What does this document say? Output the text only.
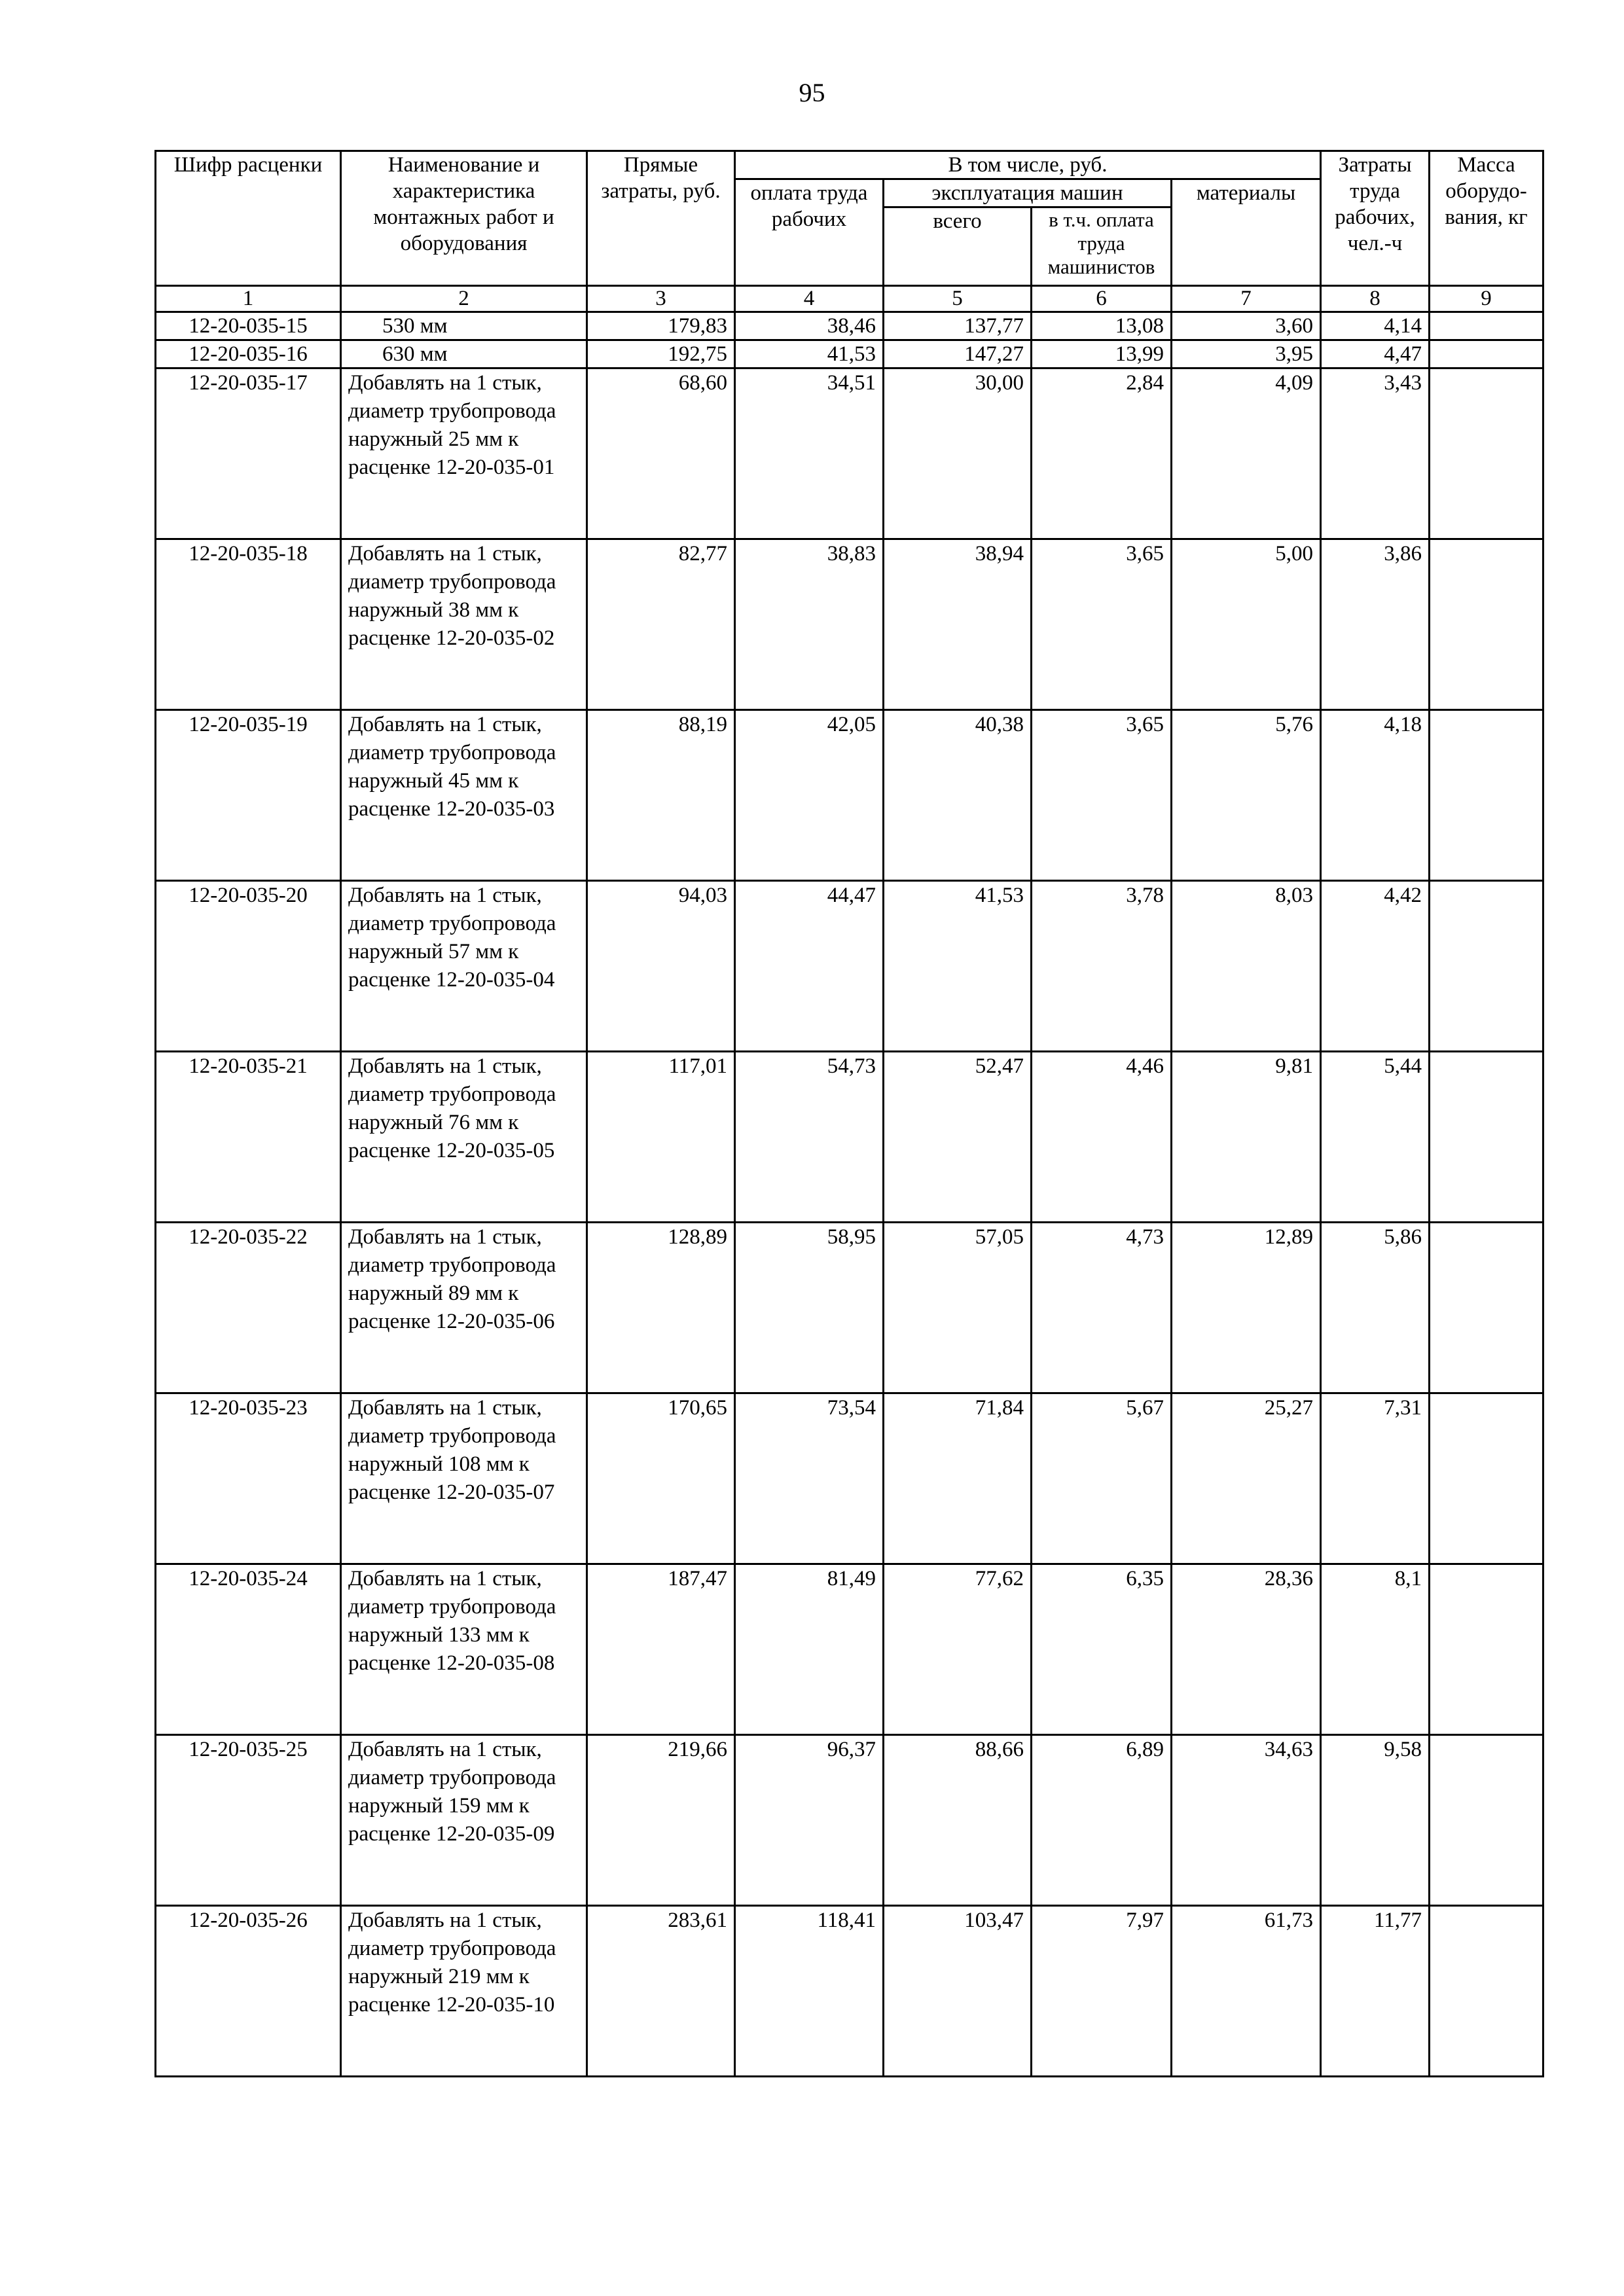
95
Шифр расценки	Наименование и характеристика монтажных работ и оборудования	Прямые затраты, руб.	В том числе, руб.				Затраты труда рабочих, чел.-ч	Масса оборудо-вания, кг
			оплата труда рабочих	эксплуатация машин		материалы		
				всего	в т.ч. оплата труда машинистов			
1	2	3	4	5	6	7	8	9
12-20-035-15	530 мм	179,83	38,46	137,77	13,08	3,60	4,14	
12-20-035-16	630 мм	192,75	41,53	147,27	13,99	3,95	4,47	
12-20-035-17	Добавлять на 1 стык, диаметр трубопровода наружный 25 мм к расценке 12-20-035-01	68,60	34,51	30,00	2,84	4,09	3,43	
12-20-035-18	Добавлять на 1 стык, диаметр трубопровода наружный 38 мм к расценке 12-20-035-02	82,77	38,83	38,94	3,65	5,00	3,86	
12-20-035-19	Добавлять на 1 стык, диаметр трубопровода наружный 45 мм к расценке 12-20-035-03	88,19	42,05	40,38	3,65	5,76	4,18	
12-20-035-20	Добавлять на 1 стык, диаметр трубопровода наружный 57 мм к расценке 12-20-035-04	94,03	44,47	41,53	3,78	8,03	4,42	
12-20-035-21	Добавлять на 1 стык, диаметр трубопровода наружный 76 мм к расценке 12-20-035-05	117,01	54,73	52,47	4,46	9,81	5,44	
12-20-035-22	Добавлять на 1 стык, диаметр трубопровода наружный 89 мм к расценке 12-20-035-06	128,89	58,95	57,05	4,73	12,89	5,86	
12-20-035-23	Добавлять на 1 стык, диаметр трубопровода наружный 108 мм к расценке 12-20-035-07	170,65	73,54	71,84	5,67	25,27	7,31	
12-20-035-24	Добавлять на 1 стык, диаметр трубопровода наружный 133 мм к расценке 12-20-035-08	187,47	81,49	77,62	6,35	28,36	8,1	
12-20-035-25	Добавлять на 1 стык, диаметр трубопровода наружный 159 мм к расценке 12-20-035-09	219,66	96,37	88,66	6,89	34,63	9,58	
12-20-035-26	Добавлять на 1 стык, диаметр трубопровода наружный 219 мм к расценке 12-20-035-10	283,61	118,41	103,47	7,97	61,73	11,77	
